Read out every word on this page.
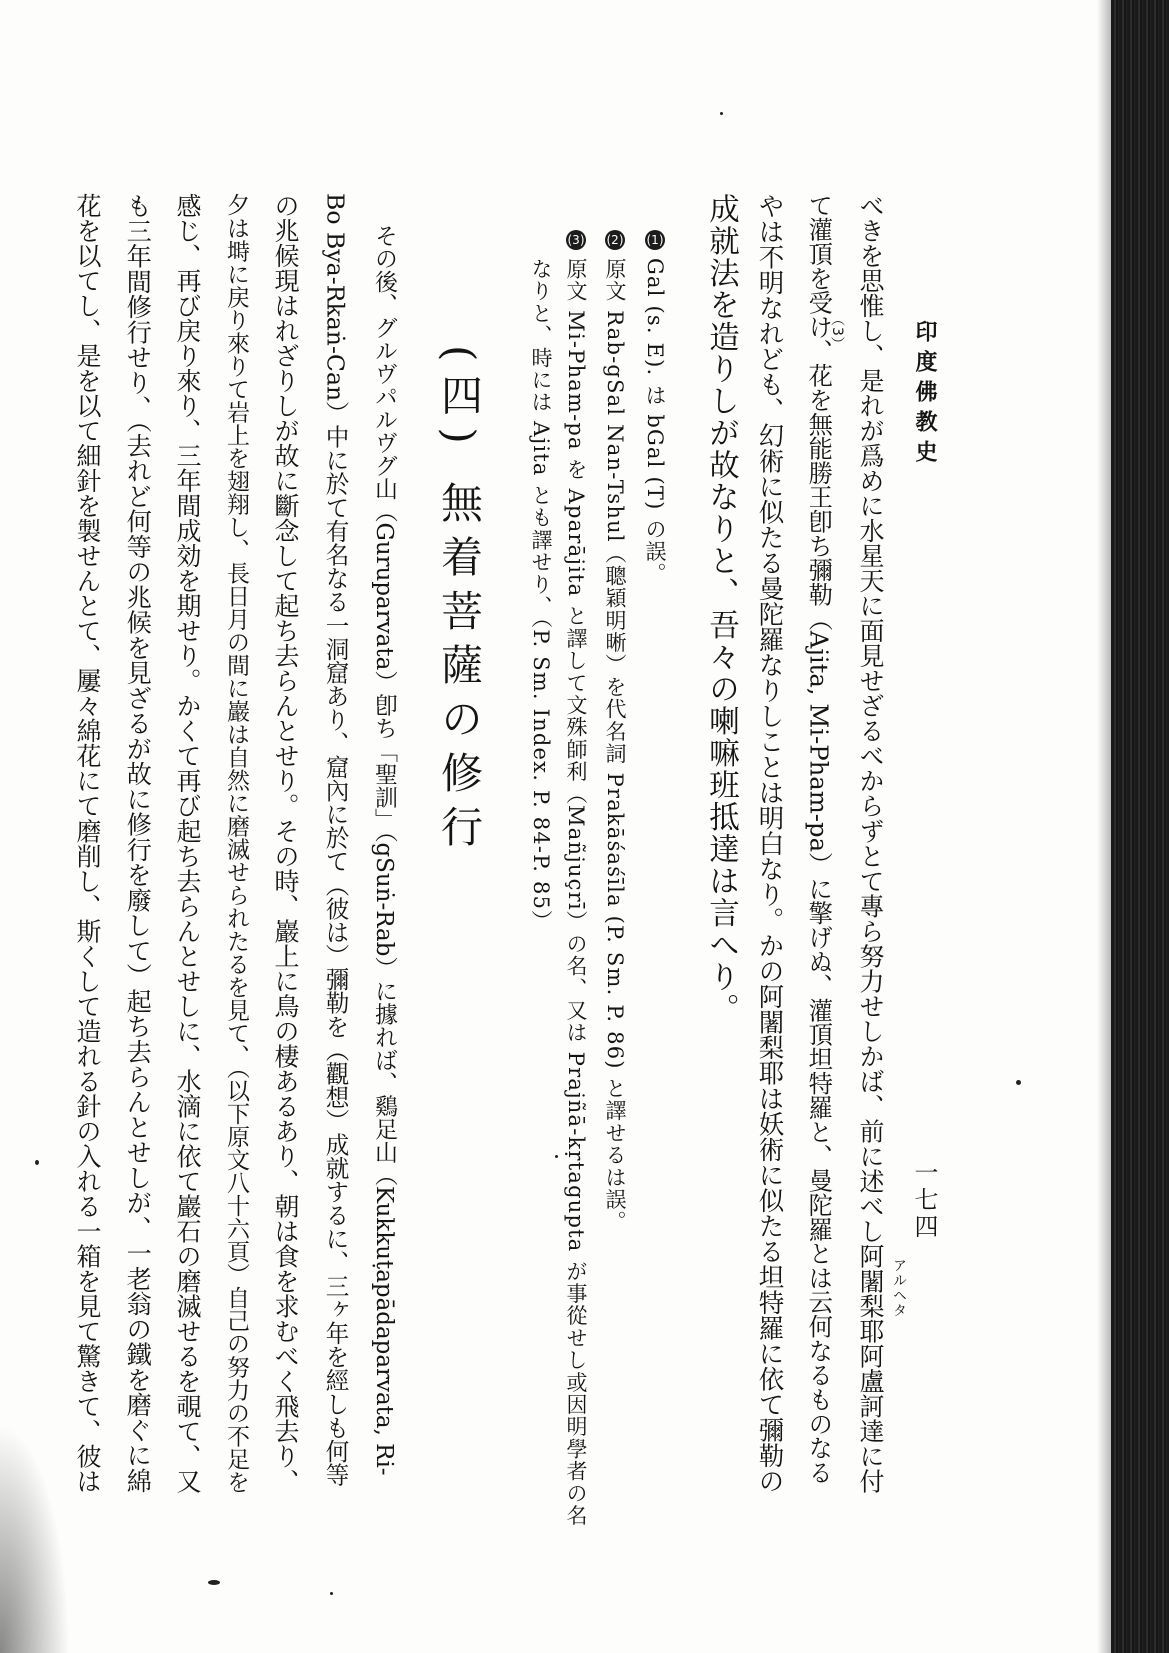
印度佛教史
一七四
べきを思惟し、是れが爲めに水星天に面見せざるべからずとて專ら努力せしかば、前に述べし阿闍梨耶阿盧訶達に付 アルヘタ
て灌頂を受け、花を無能勝王卽ち彌勒（Ajita, Mi-Pham-pa）に擎げぬ、灌頂坦特羅と、曼陀羅とは云何なるものなる
（3）
やは不明なれども、幻術に似たる曼陀羅なりしことは明白なり。かの阿闍梨耶は妖術に似たる坦特羅に依て彌勒の
成就法を造りしが故なりと、吾々の喇嘛班抵達は言へり。
(1)
Gal (s. E). は bGal (T) の誤。
(2)
原文 Rab-gSal Nan-Tshul（聰穎明晰）を代名詞 Prakāśaśīla (P. Sm. P. 86) と譯せるは誤。
(3)
原文 Mi-Pham-pa を Aparājita と譯して文殊師利（Mañjuçrī）の名、又は Prajñā-kṛtagupta が事從せし或因明學者の名
なりと、時には Ajita とも譯せり、（P. Sm. Index. P. 84-P. 85）
(四) 無着菩薩の修行
その後、グルヴパルヴグ山（Guruparvata）卽ち「聖訓」（gSuṅ-Rab）に據れば、鷄足山（Kukkuṭapādaparvata, Ri-
Bo Bya-Rkaṅ-Can）中に於て有名なる一洞窟あり、窟內に於て（彼は）彌勒を（觀想）成就するに、三ヶ年を經しも何等
の兆候現はれざりしが故に斷念して起ち去らんとせり。その時、巖上に鳥の棲あるあり、朝は食を求むべく飛去り、
夕は塒に戻り來りて岩上を翅翔し、長日月の間に巖は自然に磨滅せられたるを見て、（以下原文八十六頁）自己の努力の不足を
感じ、再び戻り來り、三年間成効を期せり。かくて再び起ち去らんとせしに、水滴に依て巖石の磨滅せるを覗て、又
も三年間修行せり、（去れど何等の兆候を見ざるが故に修行を廢して）起ち去らんとせしが、一老翁の鐵を磨ぐに綿
花を以てし、是を以て細針を製せんとて、屢々綿花にて磨削し、斯くして造れる針の入れる一箱を見て驚きて、彼は
